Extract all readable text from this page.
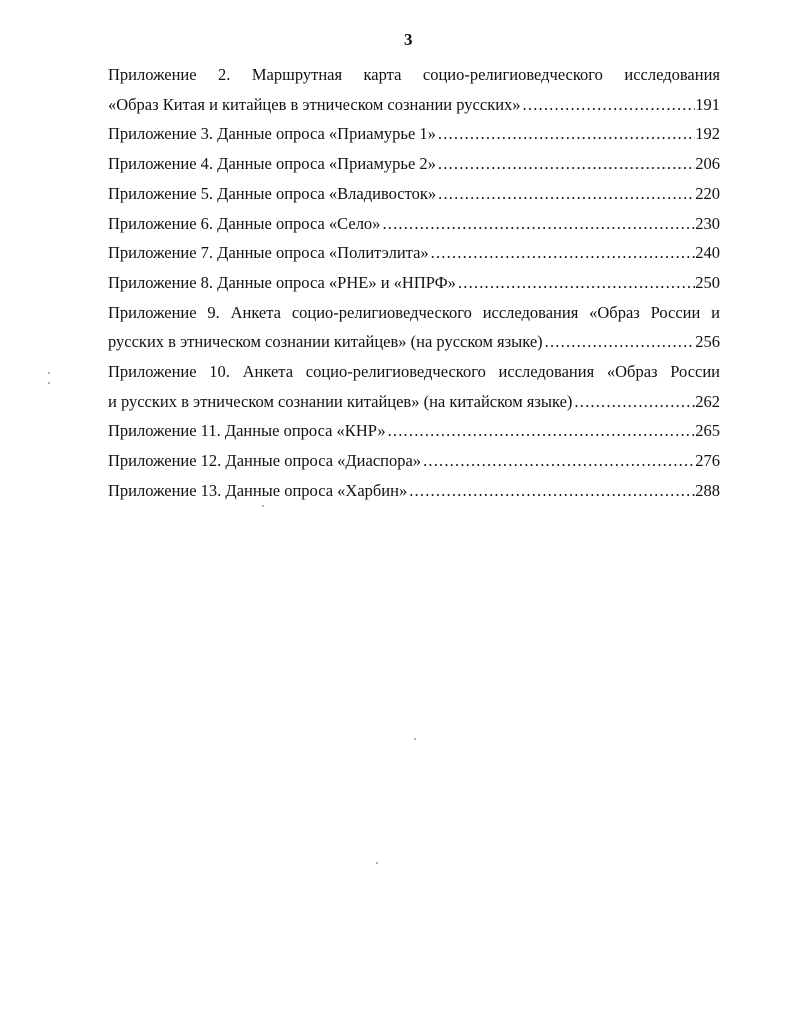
3
Приложение 2. Маршрутная карта социо-религиоведческого исследования
«Образ Китая и китайцев в этническом сознании русских» .....	191
Приложение 3. Данные опроса «Приамурье 1» .....	192
Приложение 4. Данные опроса «Приамурье 2» .....	206
Приложение 5. Данные опроса «Владивосток» .....	220
Приложение 6. Данные опроса «Село» .....	230
Приложение 7. Данные опроса «Политэлита» .....	240
Приложение 8. Данные опроса «РНЕ» и «НПРФ» .....	250
Приложение 9. Анкета социо-религиоведческого исследования «Образ России и
русских в этническом сознании китайцев» (на русском языке) .....	256
Приложение 10. Анкета социо-религиоведческого исследования «Образ России
и русских в этническом сознании китайцев» (на китайском языке) .....	262
Приложение 11. Данные опроса «КНР» .....	265
Приложение 12. Данные опроса «Диаспора» .....	276
Приложение 13. Данные опроса «Харбин» .....	288
